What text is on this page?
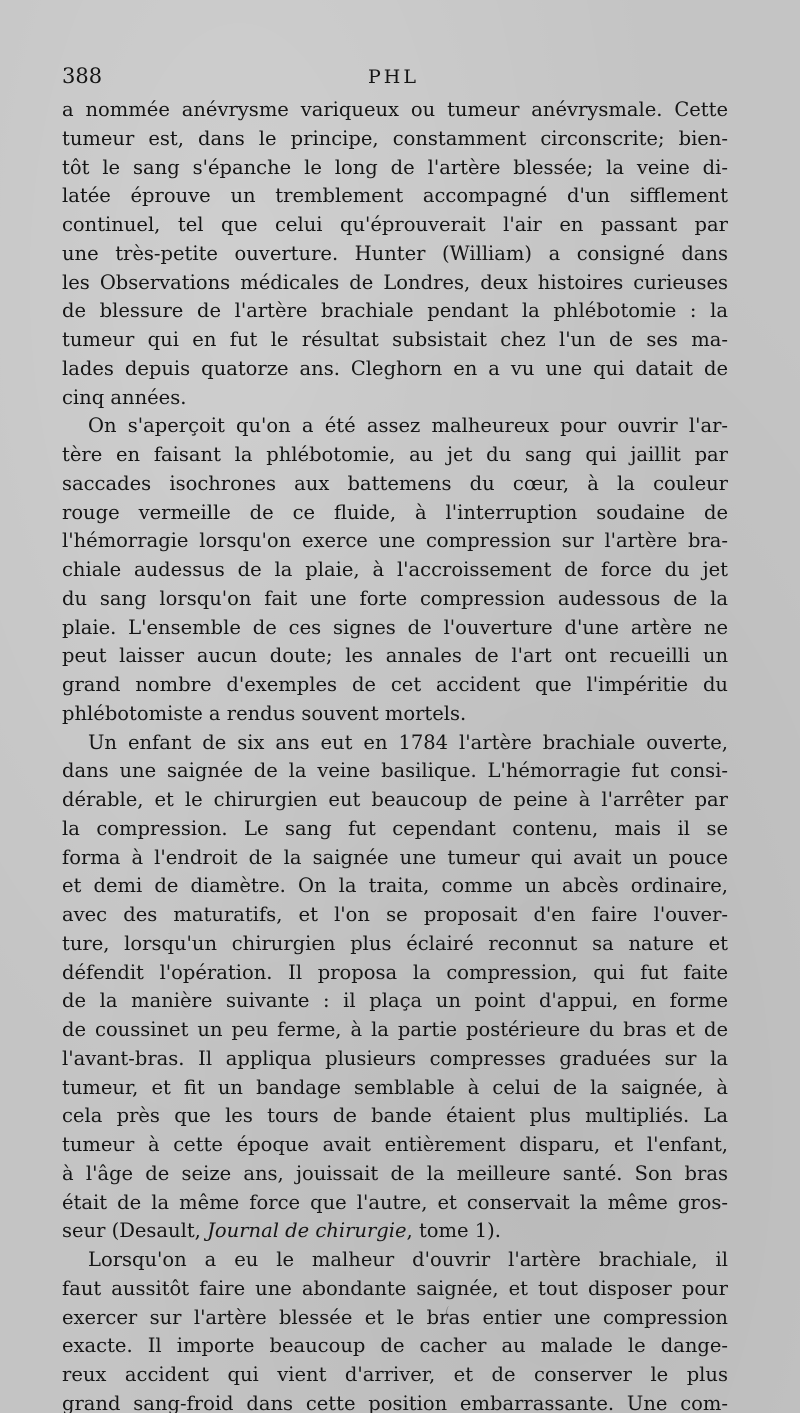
388	PHL
a nommée anévrysme variqueux ou tumeur anévrysmale. Cette
tumeur est, dans le principe, constamment circonscrite; bien-
tôt le sang s'épanche le long de l'artère blessée; la veine di-
latée éprouve un tremblement accompagné d'un sifflement
continuel, tel que celui qu'éprouverait l'air en passant par
une très-petite ouverture. Hunter (William) a consigné dans
les Observations médicales de Londres, deux histoires curieuses
de blessure de l'artère brachiale pendant la phlébotomie : la
tumeur qui en fut le résultat subsistait chez l'un de ses ma-
lades depuis quatorze ans. Cleghorn en a vu une qui datait de
cinq années.
On s'aperçoit qu'on a été assez malheureux pour ouvrir l'ar-
tère en faisant la phlébotomie, au jet du sang qui jaillit par
saccades isochrones aux battemens du cœur, à la couleur
rouge vermeille de ce fluide, à l'interruption soudaine de
l'hémorragie lorsqu'on exerce une compression sur l'artère bra-
chiale audessus de la plaie, à l'accroissement de force du jet
du sang lorsqu'on fait une forte compression audessous de la
plaie. L'ensemble de ces signes de l'ouverture d'une artère ne
peut laisser aucun doute; les annales de l'art ont recueilli un
grand nombre d'exemples de cet accident que l'impéritie du
phlébotomiste a rendus souvent mortels.
Un enfant de six ans eut en 1784 l'artère brachiale ouverte,
dans une saignée de la veine basilique. L'hémorragie fut consi-
dérable, et le chirurgien eut beaucoup de peine à l'arrêter par
la compression. Le sang fut cependant contenu, mais il se
forma à l'endroit de la saignée une tumeur qui avait un pouce
et demi de diamètre. On la traita, comme un abcès ordinaire,
avec des maturatifs, et l'on se proposait d'en faire l'ouver-
ture, lorsqu'un chirurgien plus éclairé reconnut sa nature et
défendit l'opération. Il proposa la compression, qui fut faite
de la manière suivante : il plaça un point d'appui, en forme
de coussinet un peu ferme, à la partie postérieure du bras et de
l'avant-bras. Il appliqua plusieurs compresses graduées sur la
tumeur, et fit un bandage semblable à celui de la saignée, à
cela près que les tours de bande étaient plus multipliés. La
tumeur à cette époque avait entièrement disparu, et l'enfant,
à l'âge de seize ans, jouissait de la meilleure santé. Son bras
était de la même force que l'autre, et conservait la même gros-
seur (Desault, Journal de chirurgie, tome 1).
Lorsqu'on a eu le malheur d'ouvrir l'artère brachiale, il
faut aussitôt faire une abondante saignée, et tout disposer pour
exercer sur l'artère blessée et le bras entier une compression
exacte. Il importe beaucoup de cacher au malade le dange-
reux accident qui vient d'arriver, et de conserver le plus
grand sang-froid dans cette position embarrassante. Une com-
